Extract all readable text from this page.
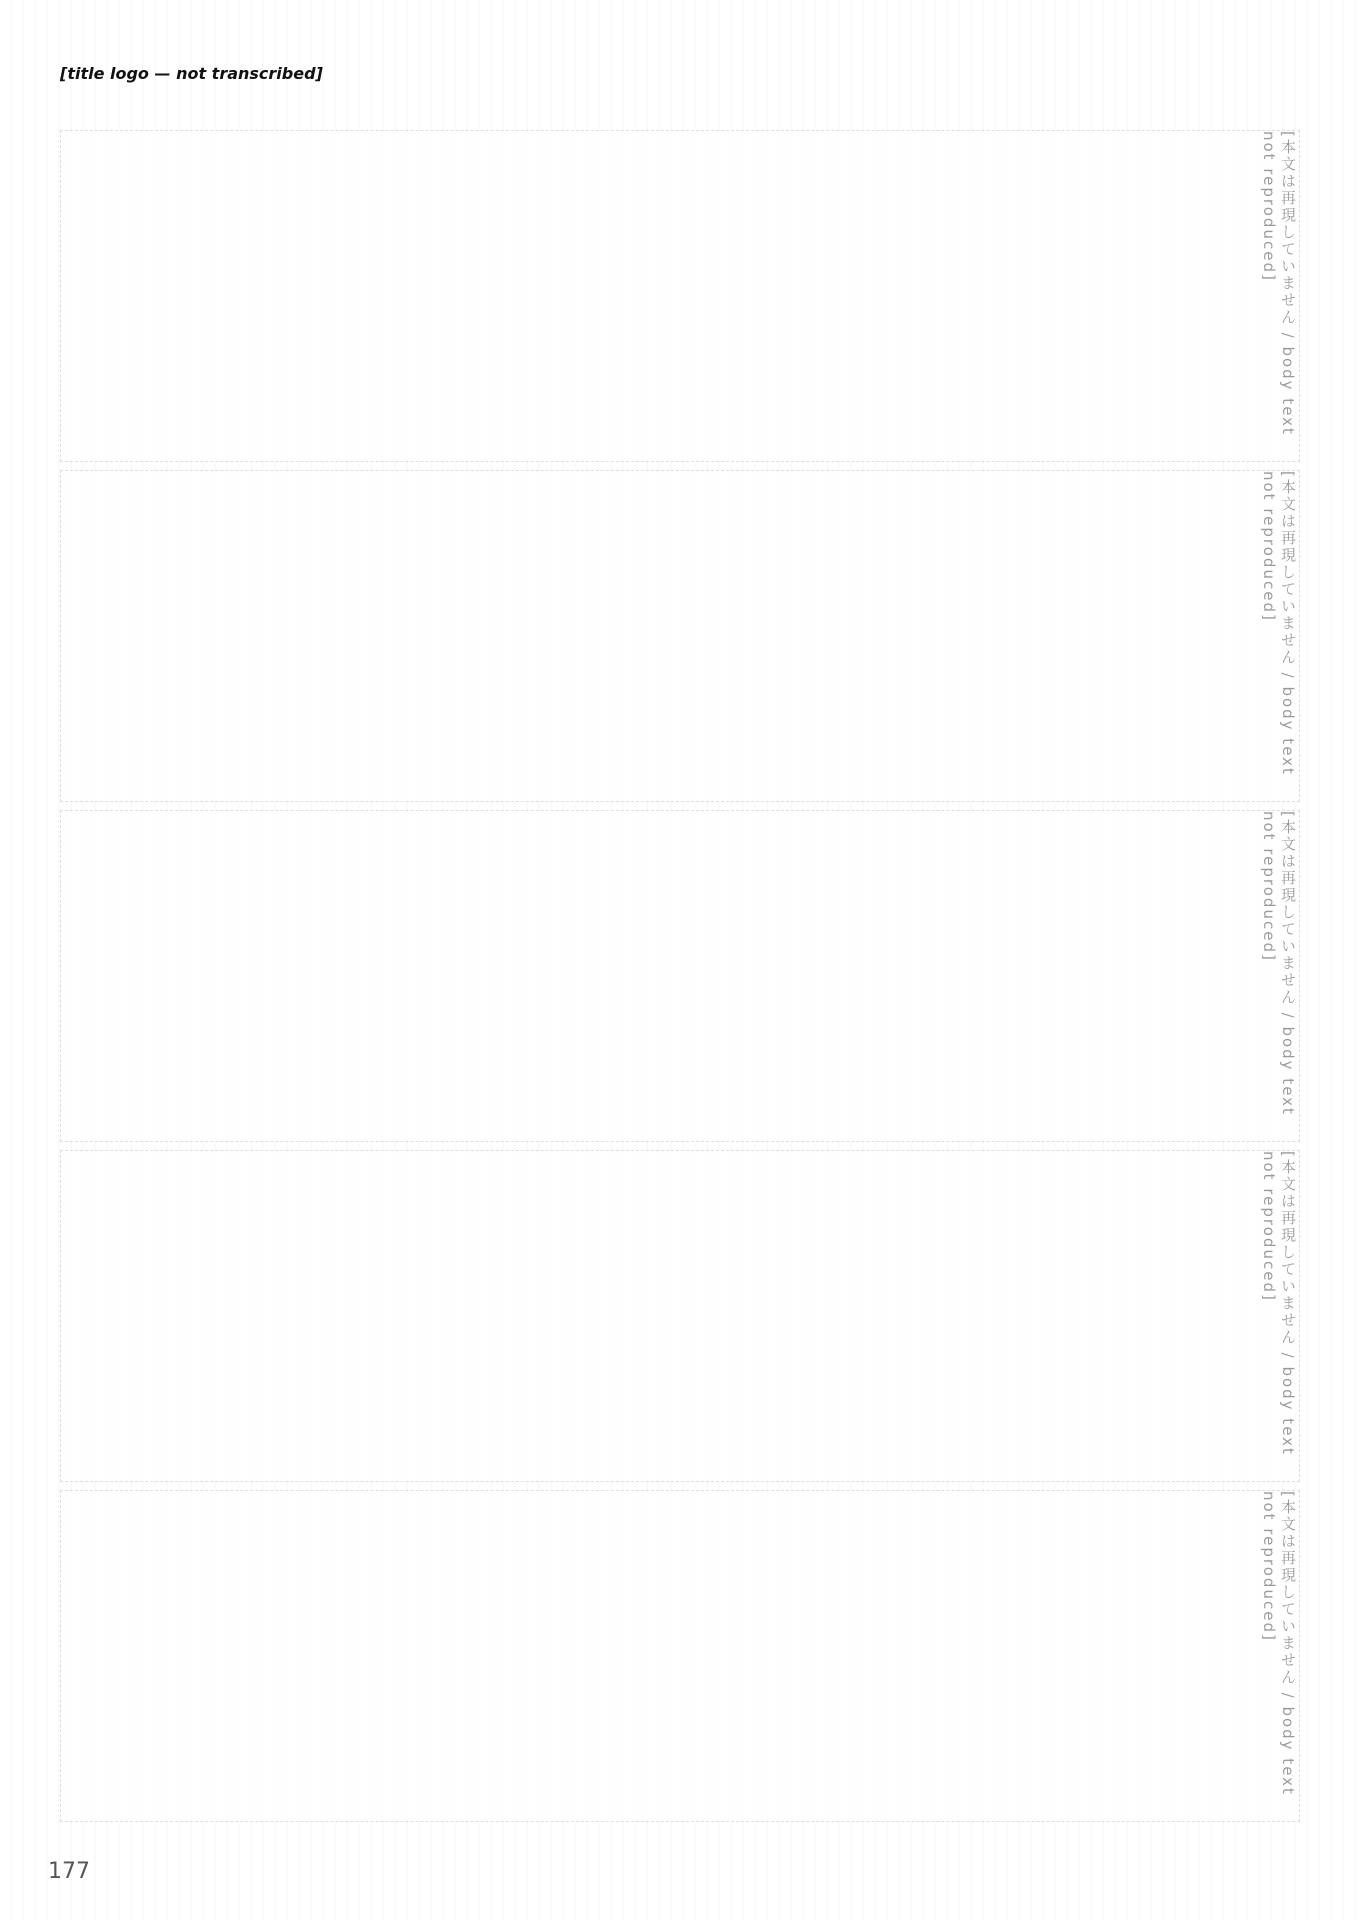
[title logo — not transcribed]
[本文は再現していません / body text not reproduced]
[本文は再現していません / body text not reproduced]
[本文は再現していません / body text not reproduced]
[本文は再現していません / body text not reproduced]
[本文は再現していません / body text not reproduced]
177
